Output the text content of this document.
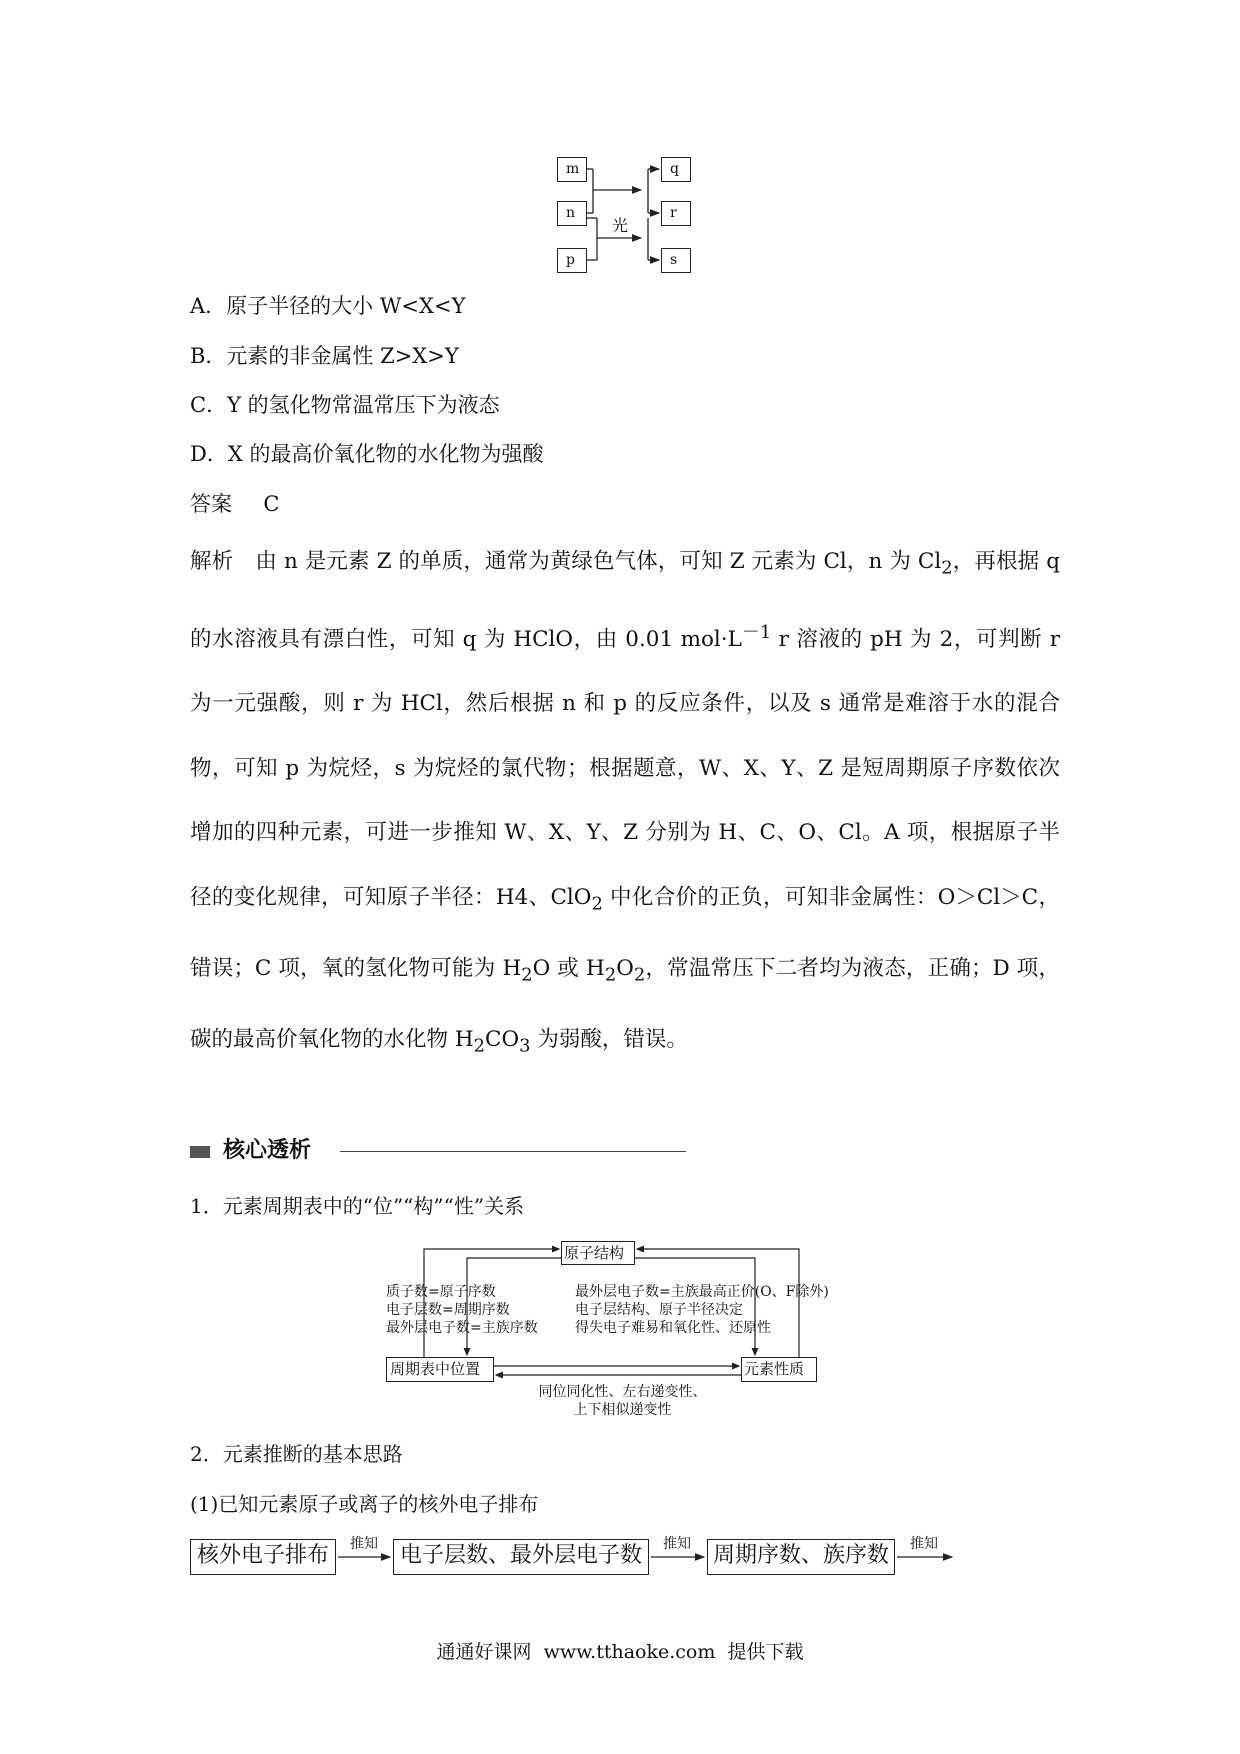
m
n
p
q
r
s
光
A．原子半径的大小 W<X<Y
B．元素的非金属性 Z>X>Y
C．Y 的氢化物常温常压下为液态
D．X 的最高价氧化物的水化物为强酸
答案 C

解析 由 n 是元素 Z 的单质，通常为黄绿色气体，可知 Z 元素为 Cl，n 为 $Cl_2$，再根据 q 的水溶液具有漂白性，可知 q 为 HClO，由 0.01 $mol\cdot L^{-1}$ r 溶液的 pH 为 2，可判断 r 为一元强酸，则 r 为 HCl，然后根据 n 和 p 的反应条件，以及 s 通常是难溶于水的混合物，可知 p 为烷烃，s 为烷烃的氯代物；根据题意，W、X、Y、Z 是短周期原子序数依次增加的四种元素，可进一步推知 W、X、Y、Z 分别为 H、C、O、Cl。A 项，根据原子半径的变化规律，可知原子半径：H4、ClO$_2$ 中化合价的正负，可知非金属性：O＞Cl＞C，错误；C 项，氧的氢化物可能为 $H_2O$ 或 $H_2O_2$，常温常压下二者均为液态，正确；D 项，碳的最高价氧化物的水化物 $H_2CO_3$ 为弱酸，错误。

核心透析
1．元素周期表中的“位”“构”“性”关系
原子结构
周期表中位置	元素性质
质子数=原子序数
电子层数=周期序数
最外层电子数=主族序数
最外层电子数=主族最高正价(O、F除外)
电子层结构、原子半径决定
得失电子难易和氧化性、还原性
同位同化性、左右递变性、
上下相似递变性
2．元素推断的基本思路
(1)已知元素原子或离子的核外电子排布
核外电子排布	电子层数、最外层电子数	周期序数、族序数
推知	推知	推知
通通好课网  www.tthaoke.com  提供下载
